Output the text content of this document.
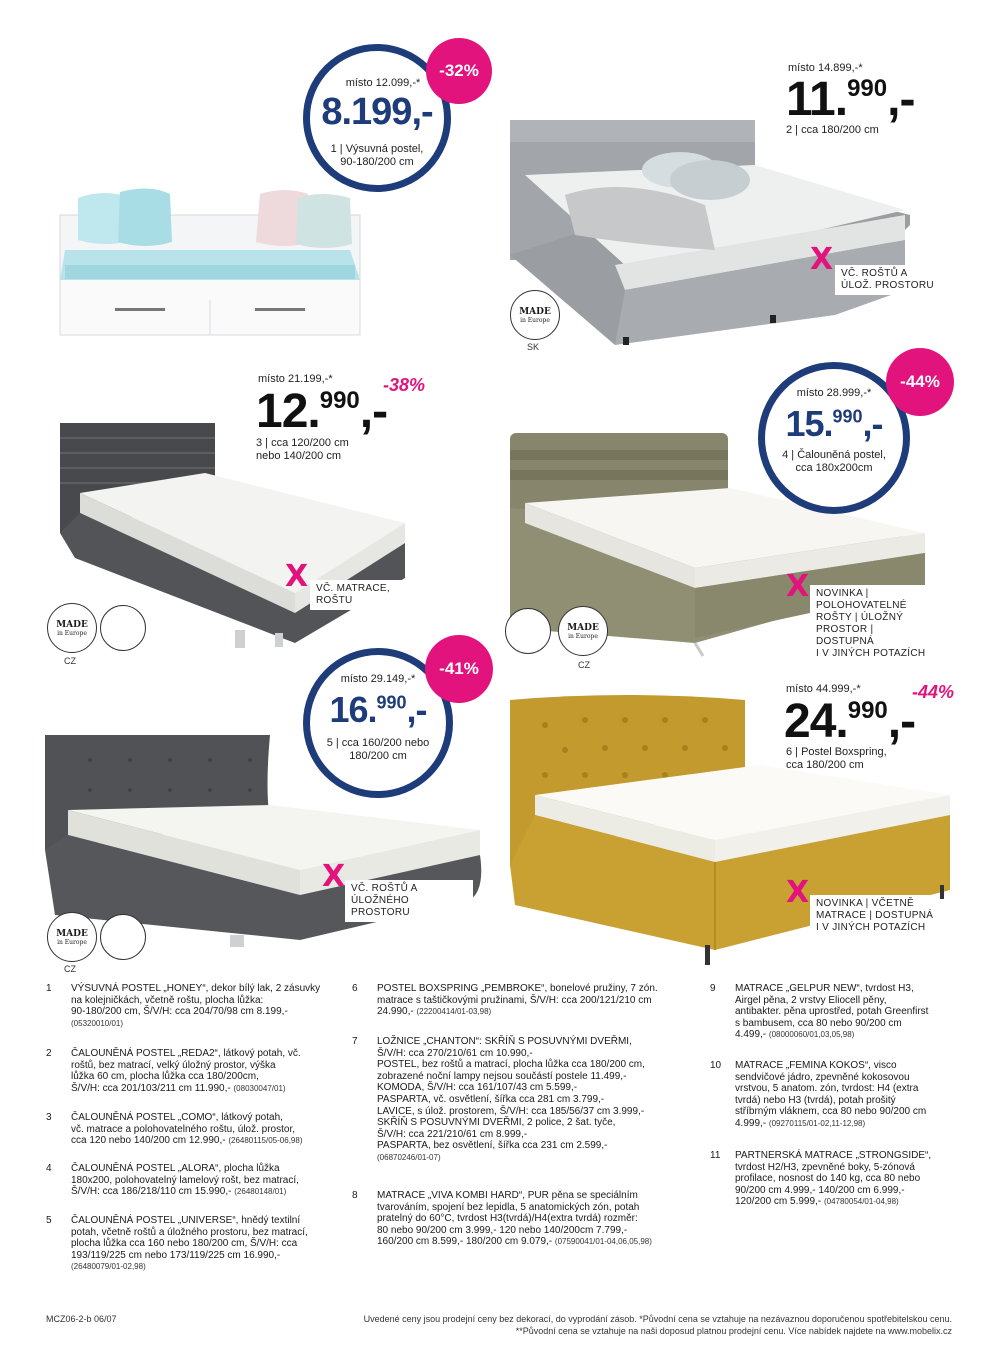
místo 12.099,-*
8.199,-
1 | Výsuvná postel,
90-180/200 cm
-32%	místo 14.899,-*
11.$^{990}$,-
2 | cca 180/200 cm
X VČ. ROŠTŮ A ÚLOŽ. PROSTORU
MADE
in Europe
SK
místo 21.199,-*	-38%
12.$^{990}$,-
3 | cca 120/200 cm
nebo 140/200 cm
X VČ. MATRACE, ROŠTU
MADE
in Europe
CZ
místo 28.999,-*
15.$^{990}$,-
4 | Čalouněná postel,
cca 180x200cm
-44%
X NOVINKA |
POLOHOVATELNÉ
ROŠTY | ÚLOŽNÝ
PROSTOR | DOSTUPNÁ
I V JINÝCH POTAZÍCH
MADE
in Europe
CZ
místo 29.149,-*
16.$^{990}$,-
5 | cca 160/200 nebo
180/200 cm
-41%
X VČ. ROŠTŮ A
ÚLOŽNÉHO PROSTORU
MADE
in Europe
CZ
místo 44.999,-*	-44%
24.$^{990}$,-
6 | Postel Boxspring,
cca 180/200 cm
X NOVINKA | VČETNĚ
MATRACE | DOSTUPNÁ
I V JINÝCH POTAZÍCH
1 VÝSUVNÁ POSTEL „HONEY“, dekor bílý lak, 2 zásuvky
na kolejničkách, včetně roštu, plocha lůžka:
90-180/200 cm, Š/V/H: cca 204/70/98 cm 8.199,-
(05320010/01)
2 ČALOUNĚNÁ POSTEL „REDA2“, látkový potah, vč.
roštů, bez matrací, velký úložný prostor, výška
lůžka 60 cm, plocha lůžka cca 180/200cm,
Š/V/H: cca 201/103/211 cm 11.990,- (08030047/01)
3 ČALOUNĚNÁ POSTEL „COMO“, látkový potah,
vč. matrace a polohovatelného roštu, úlož. prostor,
cca 120 nebo 140/200 cm 12.990,- (26480115/05-06,98)
4 ČALOUNĚNÁ POSTEL „ALORA“, plocha lůžka
180x200, polohovatelný lamelový rošt, bez matrací,
Š/V/H: cca 186/218/110 cm 15.990,- (26480148/01)
5 ČALOUNĚNÁ POSTEL „UNIVERSE“, hnědý textilní
potah, včetně roštů a úložného prostoru, bez matrací,
plocha lůžka cca 160 nebo 180/200 cm, Š/V/H: cca
193/119/225 cm nebo 173/119/225 cm 16.990,-
(26480079/01-02,98)
6 POSTEL BOXSPRING „PEMBROKE“, bonelové pružiny, 7 zón.
matrace s taštičkovými pružinami, Š/V/H: cca 200/121/210 cm
24.990,- (22200414/01-03,98)
7 LOŽNICE „CHANTON“: SKŘÍŇ S POSUVNÝMI DVEŘMI,
Š/V/H: cca 270/210/61 cm 10.990,-
POSTEL, bez roštů a matrací, plocha lůžka cca 180/200 cm,
zobrazené noční lampy nejsou součástí postele 11.499,-
KOMODA, Š/V/H: cca 161/107/43 cm 5.599,-
PASPARTA, vč. osvětlení, šířka cca 281 cm 3.799,-
LAVICE, s úlož. prostorem, Š/V/H: cca 185/56/37 cm 3.999,-
SKŘÍŇ S POSUVNÝMI DVEŘMI, 2 police, 2 šat. tyče,
Š/V/H: cca 221/210/61 cm 8.999,-
PASPARTA, bez osvětlení, šířka cca 231 cm 2.599,-
(06870246/01-07)
8 MATRACE „VIVA KOMBI HARD“, PUR pěna se speciálním
tvarováním, spojení bez lepidla, 5 anatomických zón, potah
pratelný do 60°C, tvrdost H3(tvrdá)/H4(extra tvrdá) rozměr:
80 nebo 90/200 cm 3.999,- 120 nebo 140/200cm 7.799,-
160/200 cm 8.599,- 180/200 cm 9.079,- (07590041/01-04,06,05,98)
9 MATRACE „GELPUR NEW“, tvrdost H3,
Airgel pěna, 2 vrstvy Eliocell pěny,
antibakter. pěna uprostřed, potah Greenfirst
s bambusem, cca 80 nebo 90/200 cm
4.499,- (08000060/01,03,05,98)
10 MATRACE „FEMINA KOKOS“, visco
sendvičové jádro, zpevněné kokosovou
vrstvou, 5 anatom. zón, tvrdost: H4 (extra
tvrdá) nebo H3 (tvrdá), potah prošitý
stříbrným vláknem, cca 80 nebo 90/200 cm
4.999,- (09270115/01-02,11-12,98)
11 PARTNERSKÁ MATRACE „STRONGSIDE“,
tvrdost H2/H3, zpevněné boky, 5-zónová
profilace, nosnost do 140 kg, cca 80 nebo
90/200 cm 4.999,- 140/200 cm 6.999,-
120/200 cm 5.999,- (04780054/01-04,98)
MCZ06-2-b 06/07	Uvedené ceny jsou prodejní ceny bez dekorací, do vyprodání zásob. *Původní cena se vztahuje na nezávaznou doporučenou spotřebitelskou cenu.
**Původní cena se vztahuje na naši doposud platnou prodejní cenu. Více nabídek najdete na www.mobelix.cz
